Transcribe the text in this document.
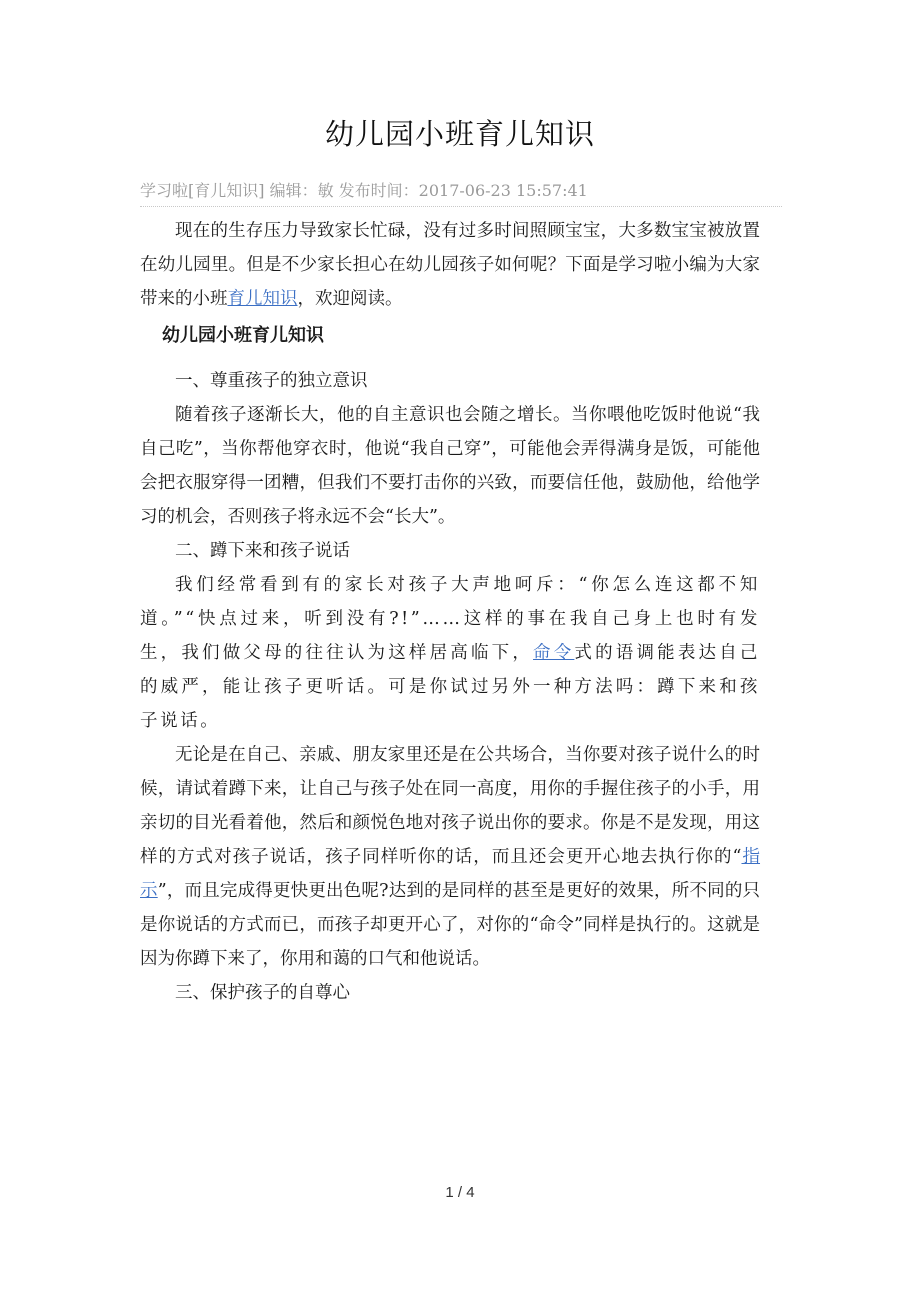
幼儿园小班育儿知识
学习啦[育儿知识] 编辑：敏 发布时间：2017-06-23 15:57:41

现在的生存压力导致家长忙碌，没有过多时间照顾宝宝，大多数宝宝被放置在幼儿园里。但是不少家长担心在幼儿园孩子如何呢？下面是学习啦小编为大家带来的小班育儿知识，欢迎阅读。

幼儿园小班育儿知识

一、尊重孩子的独立意识

随着孩子逐渐长大，他的自主意识也会随之增长。当你喂他吃饭时他说“我自己吃”，当你帮他穿衣时，他说“我自己穿”，可能他会弄得满身是饭，可能他会把衣服穿得一团糟，但我们不要打击你的兴致，而要信任他，鼓励他，给他学习的机会，否则孩子将永远不会“长大”。

二、蹲下来和孩子说话

我们经常看到有的家长对孩子大声地呵斥：“你怎么连这都不知道。”“快点过来，听到没有?!”……这样的事在我自己身上也时有发生，我们做父母的往往认为这样居高临下，命令式的语调能表达自己的威严，能让孩子更听话。可是你试过另外一种方法吗：蹲下来和孩子说话。

无论是在自己、亲戚、朋友家里还是在公共场合，当你要对孩子说什么的时候，请试着蹲下来，让自己与孩子处在同一高度，用你的手握住孩子的小手，用亲切的目光看着他，然后和颜悦色地对孩子说出你的要求。你是不是发现，用这样的方式对孩子说话，孩子同样听你的话，而且还会更开心地去执行你的“指示”，而且完成得更快更出色呢?达到的是同样的甚至是更好的效果，所不同的只是你说话的方式而已，而孩子却更开心了，对你的“命令”同样是执行的。这就是因为你蹲下来了，你用和蔼的口气和他说话。

三、保护孩子的自尊心

1 / 4
